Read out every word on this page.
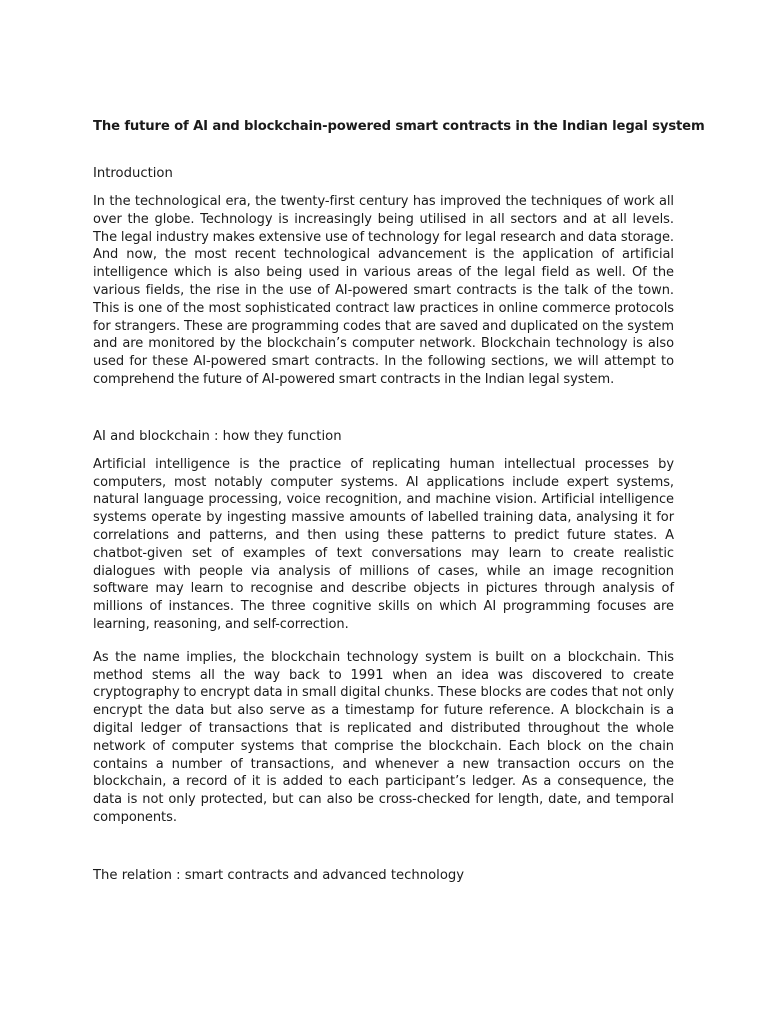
The future of AI and blockchain-powered smart contracts in the Indian legal system
Introduction

In the technological era, the twenty-first century has improved the techniques of work all over the globe. Technology is increasingly being utilised in all sectors and at all levels. The legal industry makes extensive use of technology for legal research and data storage. And now, the most recent technological advancement is the application of artificial intelligence which is also being used in various areas of the legal field as well. Of the various fields, the rise in the use of AI-powered smart contracts is the talk of the town. This is one of the most sophisticated contract law practices in online commerce protocols for strangers. These are programming codes that are saved and duplicated on the system and are monitored by the blockchain’s computer network. Blockchain technology is also used for these AI-powered smart contracts. In the following sections, we will attempt to comprehend the future of AI-powered smart contracts in the Indian legal system.

AI and blockchain : how they function

Artificial intelligence is the practice of replicating human intellectual processes by computers, most notably computer systems. AI applications include expert systems, natural language processing, voice recognition, and machine vision. Artificial intelligence systems operate by ingesting massive amounts of labelled training data, analysing it for correlations and patterns, and then using these patterns to predict future states. A chatbot-given set of examples of text conversations may learn to create realistic dialogues with people via analysis of millions of cases, while an image recognition software may learn to recognise and describe objects in pictures through analysis of millions of instances. The three cognitive skills on which AI programming focuses are learning, reasoning, and self-correction.

As the name implies, the blockchain technology system is built on a blockchain. This method stems all the way back to 1991 when an idea was discovered to create cryptography to encrypt data in small digital chunks. These blocks are codes that not only encrypt the data but also serve as a timestamp for future reference. A blockchain is a digital ledger of transactions that is replicated and distributed throughout the whole network of computer systems that comprise the blockchain. Each block on the chain contains a number of transactions, and whenever a new transaction occurs on the blockchain, a record of it is added to each participant’s ledger. As a consequence, the data is not only protected, but can also be cross-checked for length, date, and temporal components.

The relation : smart contracts and advanced technology
